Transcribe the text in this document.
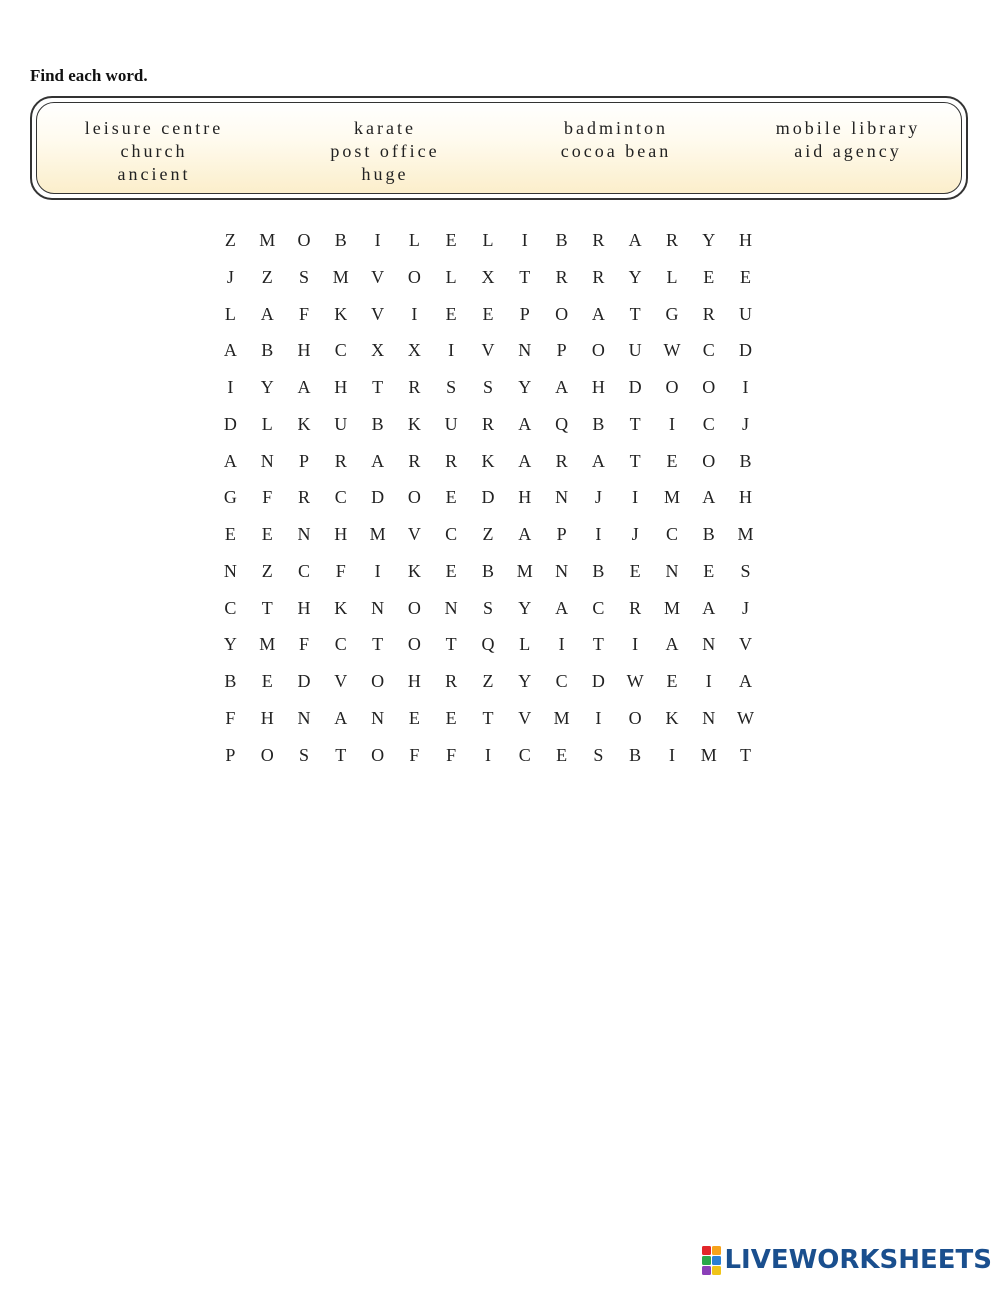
Find each word.
leisure centre
church
ancient
karate
post office
huge
badminton
cocoa bean
mobile library
aid agency
Z	M	O	B	I	L	E	L	I	B	R	A	R	Y	H
J	Z	S	M	V	O	L	X	T	R	R	Y	L	E	E
L	A	F	K	V	I	E	E	P	O	A	T	G	R	U
A	B	H	C	X	X	I	V	N	P	O	U	W	C	D
I	Y	A	H	T	R	S	S	Y	A	H	D	O	O	I
D	L	K	U	B	K	U	R	A	Q	B	T	I	C	J
A	N	P	R	A	R	R	K	A	R	A	T	E	O	B
G	F	R	C	D	O	E	D	H	N	J	I	M	A	H
E	E	N	H	M	V	C	Z	A	P	I	J	C	B	M
N	Z	C	F	I	K	E	B	M	N	B	E	N	E	S
C	T	H	K	N	O	N	S	Y	A	C	R	M	A	J
Y	M	F	C	T	O	T	Q	L	I	T	I	A	N	V
B	E	D	V	O	H	R	Z	Y	C	D	W	E	I	A
F	H	N	A	N	E	E	T	V	M	I	O	K	N	W
P	O	S	T	O	F	F	I	C	E	S	B	I	M	T
LIVEWORKSHEETS
